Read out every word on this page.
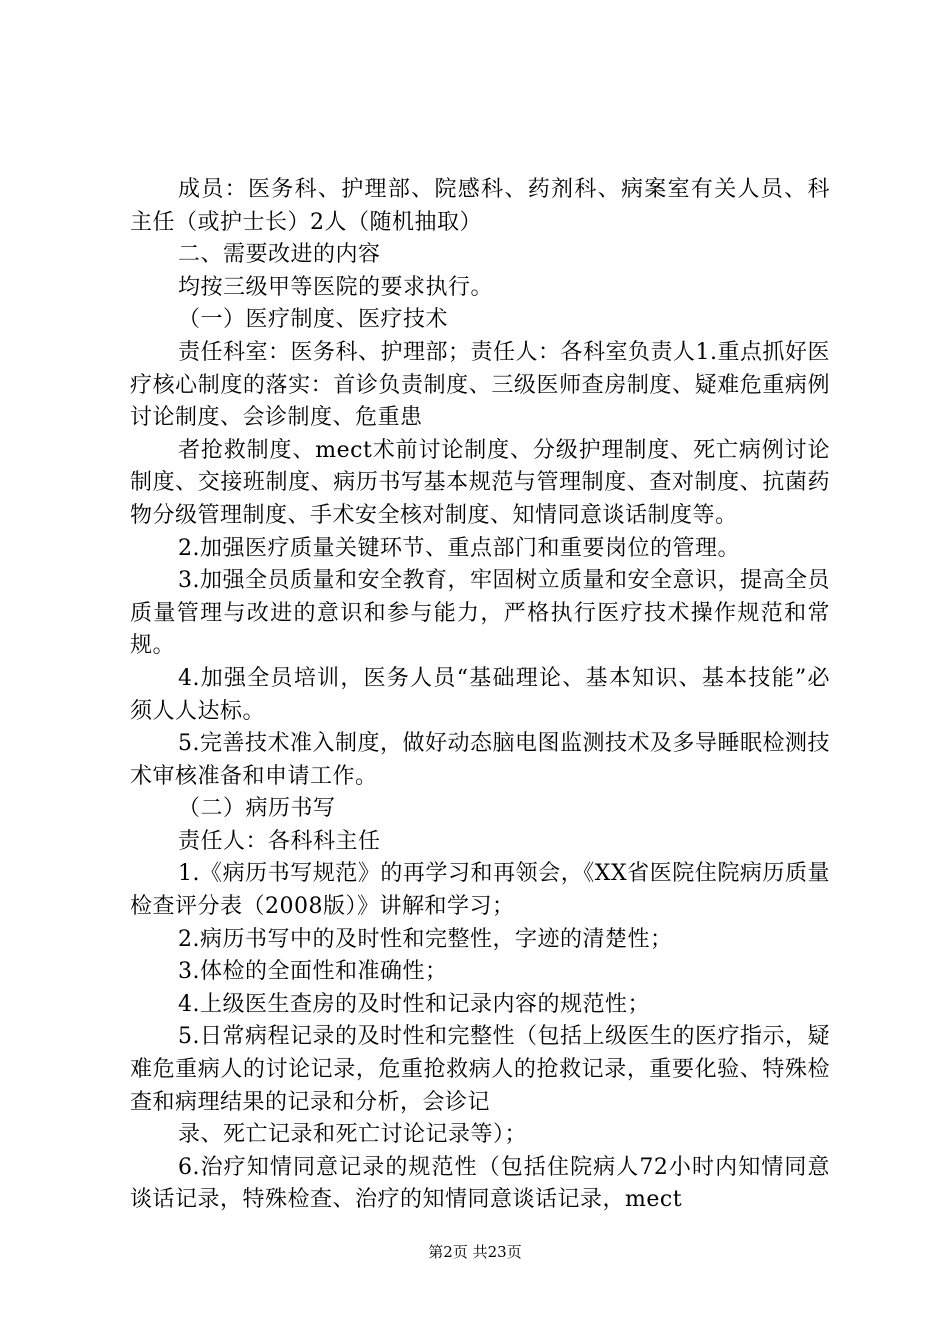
成员：医务科、护理部、院感科、药剂科、病案室有关人员、科主任（或护士长）2人（随机抽取）

二、需要改进的内容

均按三级甲等医院的要求执行。

（一）医疗制度、医疗技术

责任科室：医务科、护理部；责任人：各科室负责人1.重点抓好医疗核心制度的落实：首诊负责制度、三级医师查房制度、疑难危重病例讨论制度、会诊制度、危重患

者抢救制度、mect术前讨论制度、分级护理制度、死亡病例讨论制度、交接班制度、病历书写基本规范与管理制度、查对制度、抗菌药物分级管理制度、手术安全核对制度、知情同意谈话制度等。

2.加强医疗质量关键环节、重点部门和重要岗位的管理。

3.加强全员质量和安全教育，牢固树立质量和安全意识，提高全员质量管理与改进的意识和参与能力，严格执行医疗技术操作规范和常规。

4.加强全员培训，医务人员“基础理论、基本知识、基本技能”必须人人达标。

5.完善技术准入制度，做好动态脑电图监测技术及多导睡眠检测技术审核准备和申请工作。

（二）病历书写

责任人：各科科主任

1.《病历书写规范》的再学习和再领会，《XX省医院住院病历质量检查评分表（2008版）》讲解和学习；

2.病历书写中的及时性和完整性，字迹的清楚性；

3.体检的全面性和准确性；

4.上级医生查房的及时性和记录内容的规范性；

5.日常病程记录的及时性和完整性（包括上级医生的医疗指示，疑难危重病人的讨论记录，危重抢救病人的抢救记录，重要化验、特殊检查和病理结果的记录和分析，会诊记

录、死亡记录和死亡讨论记录等）；

6.治疗知情同意记录的规范性（包括住院病人72小时内知情同意谈话记录，特殊检查、治疗的知情同意谈话记录，mect

第2页 共23页
